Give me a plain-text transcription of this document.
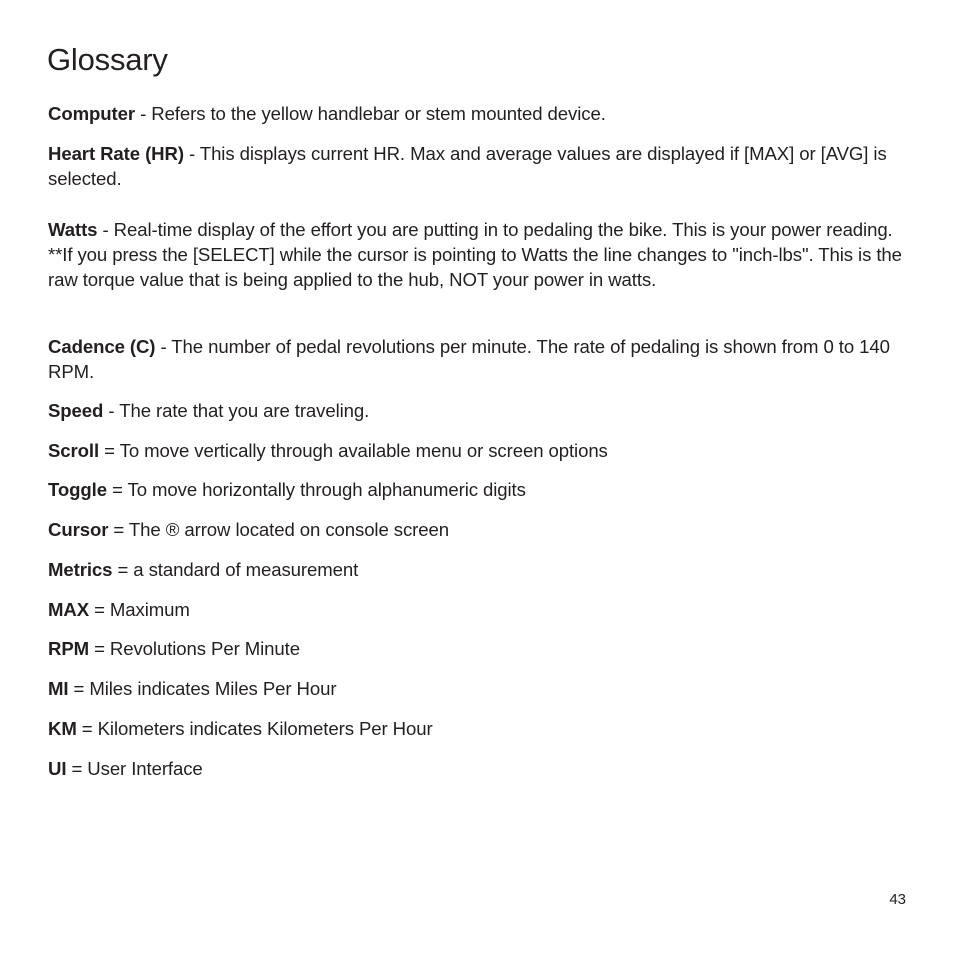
Glossary

Computer - Refers to the yellow handlebar or stem mounted device.

Heart Rate (HR) - This displays current HR. Max and average values are displayed if [MAX] or [AVG] is selected.

Watts - Real-time display of the effort you are putting in to pedaling the bike. This is your power reading. **If you press the [SELECT] while the cursor is pointing to Watts the line changes to "inch-lbs". This is the raw torque value that is being applied to the hub, NOT your power in watts.

Cadence (C) - The number of pedal revolutions per minute. The rate of pedaling is shown from 0 to 140 RPM.

Speed - The rate that you are traveling.

Scroll = To move vertically through available menu or screen options

Toggle = To move horizontally through alphanumeric digits

Cursor = The ® arrow located on console screen

Metrics = a standard of measurement

MAX = Maximum

RPM = Revolutions Per Minute

MI = Miles indicates Miles Per Hour

KM = Kilometers indicates Kilometers Per Hour

UI = User Interface

43
